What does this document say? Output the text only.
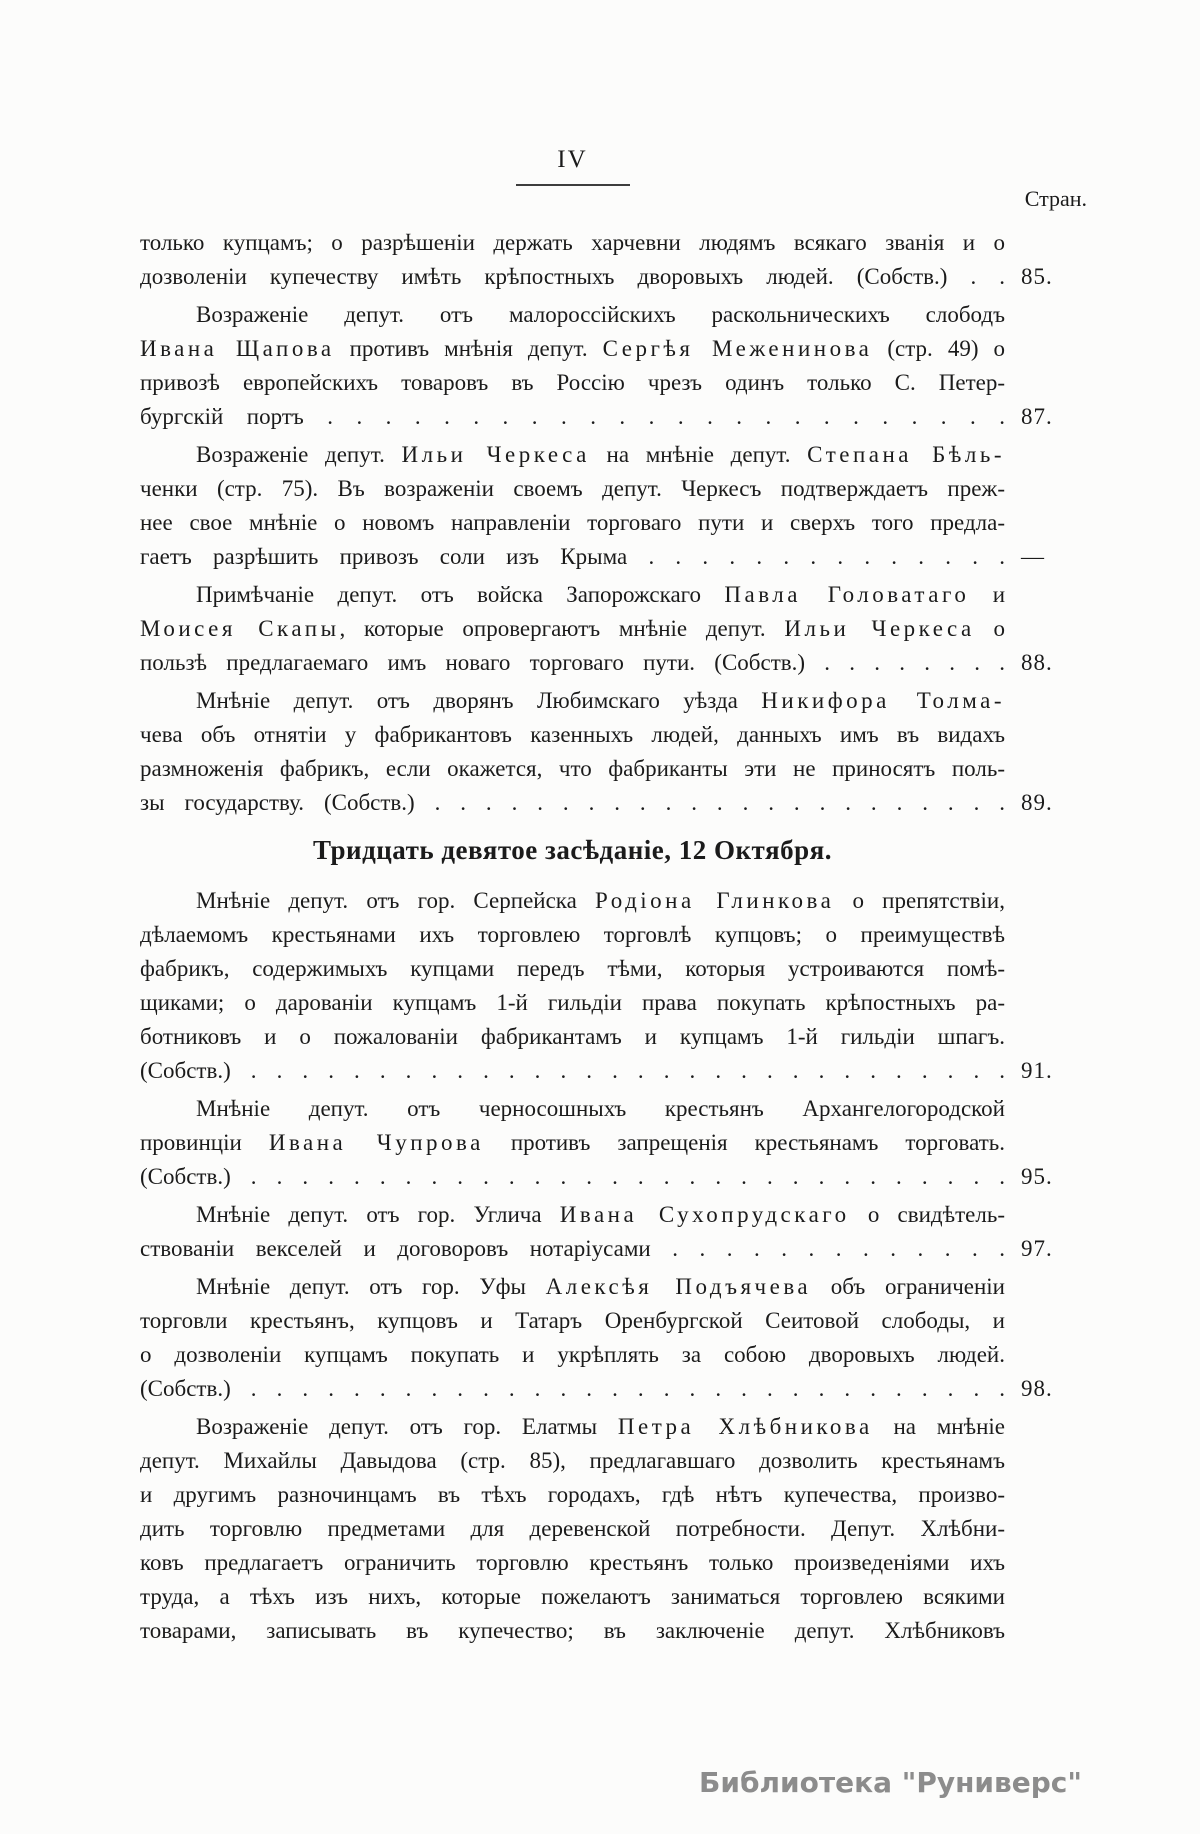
IV
Стран.
только купцамъ; о разрѣшеніи держать харчевни людямъ всякаго званія и о
дозволеніи купечеству имѣть крѣпостныхъ дворовыхъ людей. (Собств.) . . 85.
Возраженіе депут. отъ малороссійскихъ раскольническихъ слободъ
Ивана Щапова противъ мнѣнія депут. Сергѣя Меженинова (стр. 49) о
привозѣ европейскихъ товаровъ въ Россію чрезъ одинъ только С. Петер-
бургскій портъ . . . . . . . . . . . . . . . . . . . . . . . . 87.
Возраженіе депут. Ильи Черкеса на мнѣніе депут. Степана Бѣль-
ченки (стр. 75). Въ возраженіи своемъ депут. Черкесъ подтверждаетъ преж-
нее свое мнѣніе о новомъ направленіи торговаго пути и сверхъ того предла-
гаетъ разрѣшить привозъ соли изъ Крыма . . . . . . . . . . . . . . —
Примѣчаніе депут. отъ войска Запорожскаго Павла Головатаго и
Моисея Скапы, которые опровергаютъ мнѣніе депут. Ильи Черкеса о
пользѣ предлагаемаго имъ новаго торговаго пути. (Собств.) . . . . . . . . 88.
Мнѣніе депут. отъ дворянъ Любимскаго уѣзда Никифора Толма-
чева объ отнятіи у фабрикантовъ казенныхъ людей, данныхъ имъ въ видахъ
размноженія фабрикъ, если окажется, что фабриканты эти не приносятъ поль-
зы государству. (Собств.) . . . . . . . . . . . . . . . . . . . . . . . 89.
Тридцать девятое засѣданіе, 12 Октября.
Мнѣніе депут. отъ гор. Серпейска Родіона Глинкова о препятствіи,
дѣлаемомъ крестьянами ихъ торговлею торговлѣ купцовъ; о преимуществѣ
фабрикъ, содержимыхъ купцами передъ тѣми, которыя устроиваются помѣ-
щиками; о дарованіи купцамъ 1-й гильдіи права покупать крѣпостныхъ ра-
ботниковъ и о пожалованіи фабрикантамъ и купцамъ 1-й гильдіи шпагъ.
(Собств.) . . . . . . . . . . . . . . . . . . . . . . . . . . . . . . 91.
Мнѣніе депут. отъ черносошныхъ крестьянъ Архангелогородской
провинціи Ивана Чупрова противъ запрещенія крестьянамъ торговать.
(Собств.) . . . . . . . . . . . . . . . . . . . . . . . . . . . . . . 95.
Мнѣніе депут. отъ гор. Углича Ивана Сухопрудскаго о свидѣтель-
ствованіи векселей и договоровъ нотаріусами . . . . . . . . . . . . . 97.
Мнѣніе депут. отъ гор. Уфы Алексѣя Подъячева объ ограниченіи
торговли крестьянъ, купцовъ и Татаръ Оренбургской Сеитовой слободы, и
о дозволеніи купцамъ покупать и укрѣплять за собою дворовыхъ людей.
(Собств.) . . . . . . . . . . . . . . . . . . . . . . . . . . . . . . 98.
Возраженіе депут. отъ гор. Елатмы Петра Хлѣбникова на мнѣніе
депут. Михайлы Давыдова (стр. 85), предлагавшаго дозволить крестьянамъ
и другимъ разночинцамъ въ тѣхъ городахъ, гдѣ нѣтъ купечества, произво-
дить торговлю предметами для деревенской потребности. Депут. Хлѣбни-
ковъ предлагаетъ ограничить торговлю крестьянъ только произведеніями ихъ
труда, а тѣхъ изъ нихъ, которые пожелаютъ заниматься торговлею всякими
товарами, записывать въ купечество; въ заключеніе депут. Хлѣбниковъ
Библиотека "Руниверс"
